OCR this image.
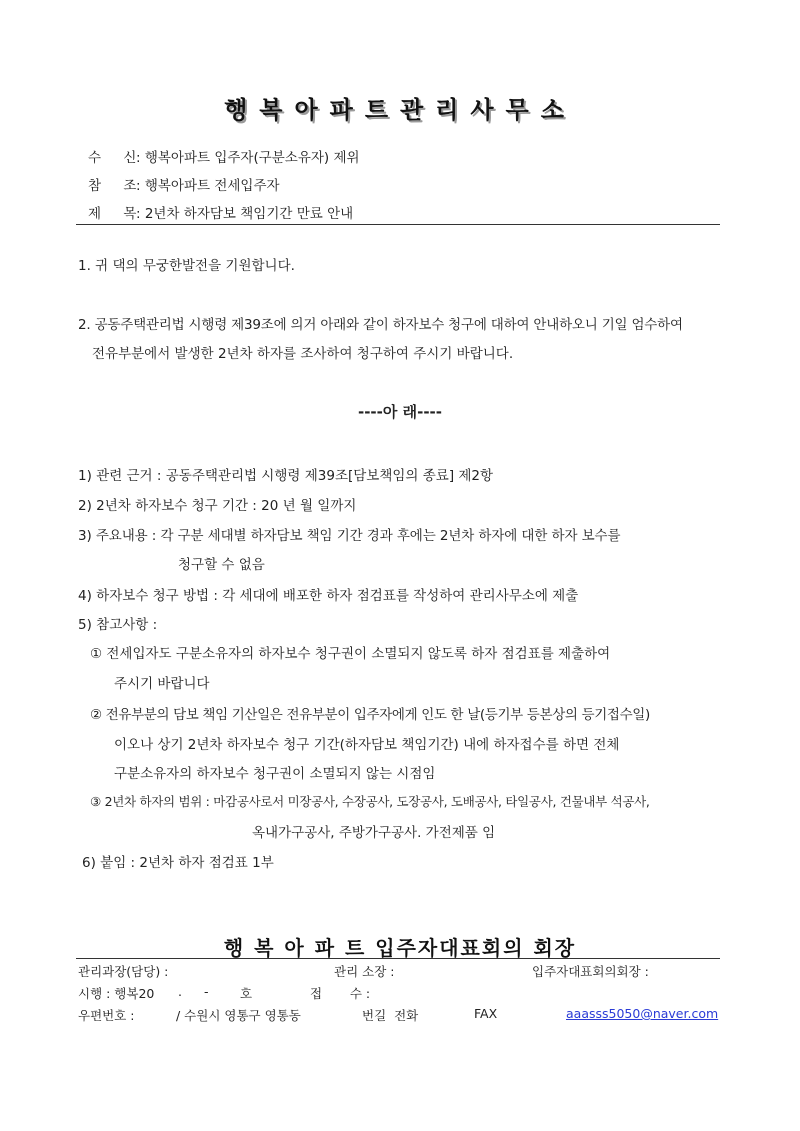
행복아파트관리사무소
수 신: 행복아파트 입주자(구분소유자) 제위
참 조: 행복아파트 전세입주자
제 목: 2년차 하자담보 책임기간 만료 안내
1. 귀 댁의 무궁한발전을 기원합니다.
2. 공동주택관리법 시행령 제39조에 의거 아래와 같이 하자보수 청구에 대하여 안내하오니 기일 엄수하여
전유부분에서 발생한 2년차 하자를 조사하여 청구하여 주시기 바랍니다.
----아 래----
1) 관련 근거 : 공동주택관리법 시행령 제39조[담보책임의 종료] 제2항
2) 2년차 하자보수 청구 기간 : 20 년 월 일까지
3) 주요내용 : 각 구분 세대별 하자담보 책임 기간 경과 후에는 2년차 하자에 대한 하자 보수를
청구할 수 없음
4) 하자보수 청구 방법 : 각 세대에 배포한 하자 점검표를 작성하여 관리사무소에 제출
5) 참고사항 :
① 전세입자도 구분소유자의 하자보수 청구권이 소멸되지 않도록 하자 점검표를 제출하여
주시기 바랍니다
② 전유부분의 담보 책임 기산일은 전유부분이 입주자에게 인도 한 날(등기부 등본상의 등기접수일)
이오나 상기 2년차 하자보수 청구 기간(하자담보 책임기간) 내에 하자접수를 하면 전체
구분소유자의 하자보수 청구권이 소멸되지 않는 시점임
③ 2년차 하자의 범위 : 마감공사로서 미장공사, 수장공사, 도장공사, 도배공사, 타일공사, 건물내부 석공사,
옥내가구공사, 주방가구공사. 가전제품 임
6) 붙임 : 2년차 하자 점검표 1부
행 복 아 파 트 입주자대표회의 회장
관리과장(담당) :	관리 소장 :	입주자대표회의회장 :
시행 : 행복20 . -	호	접       수 :
우편번호 :	/ 수원시 영통구 영통동	번길  전화	FAX	aaasss5050@naver.com
